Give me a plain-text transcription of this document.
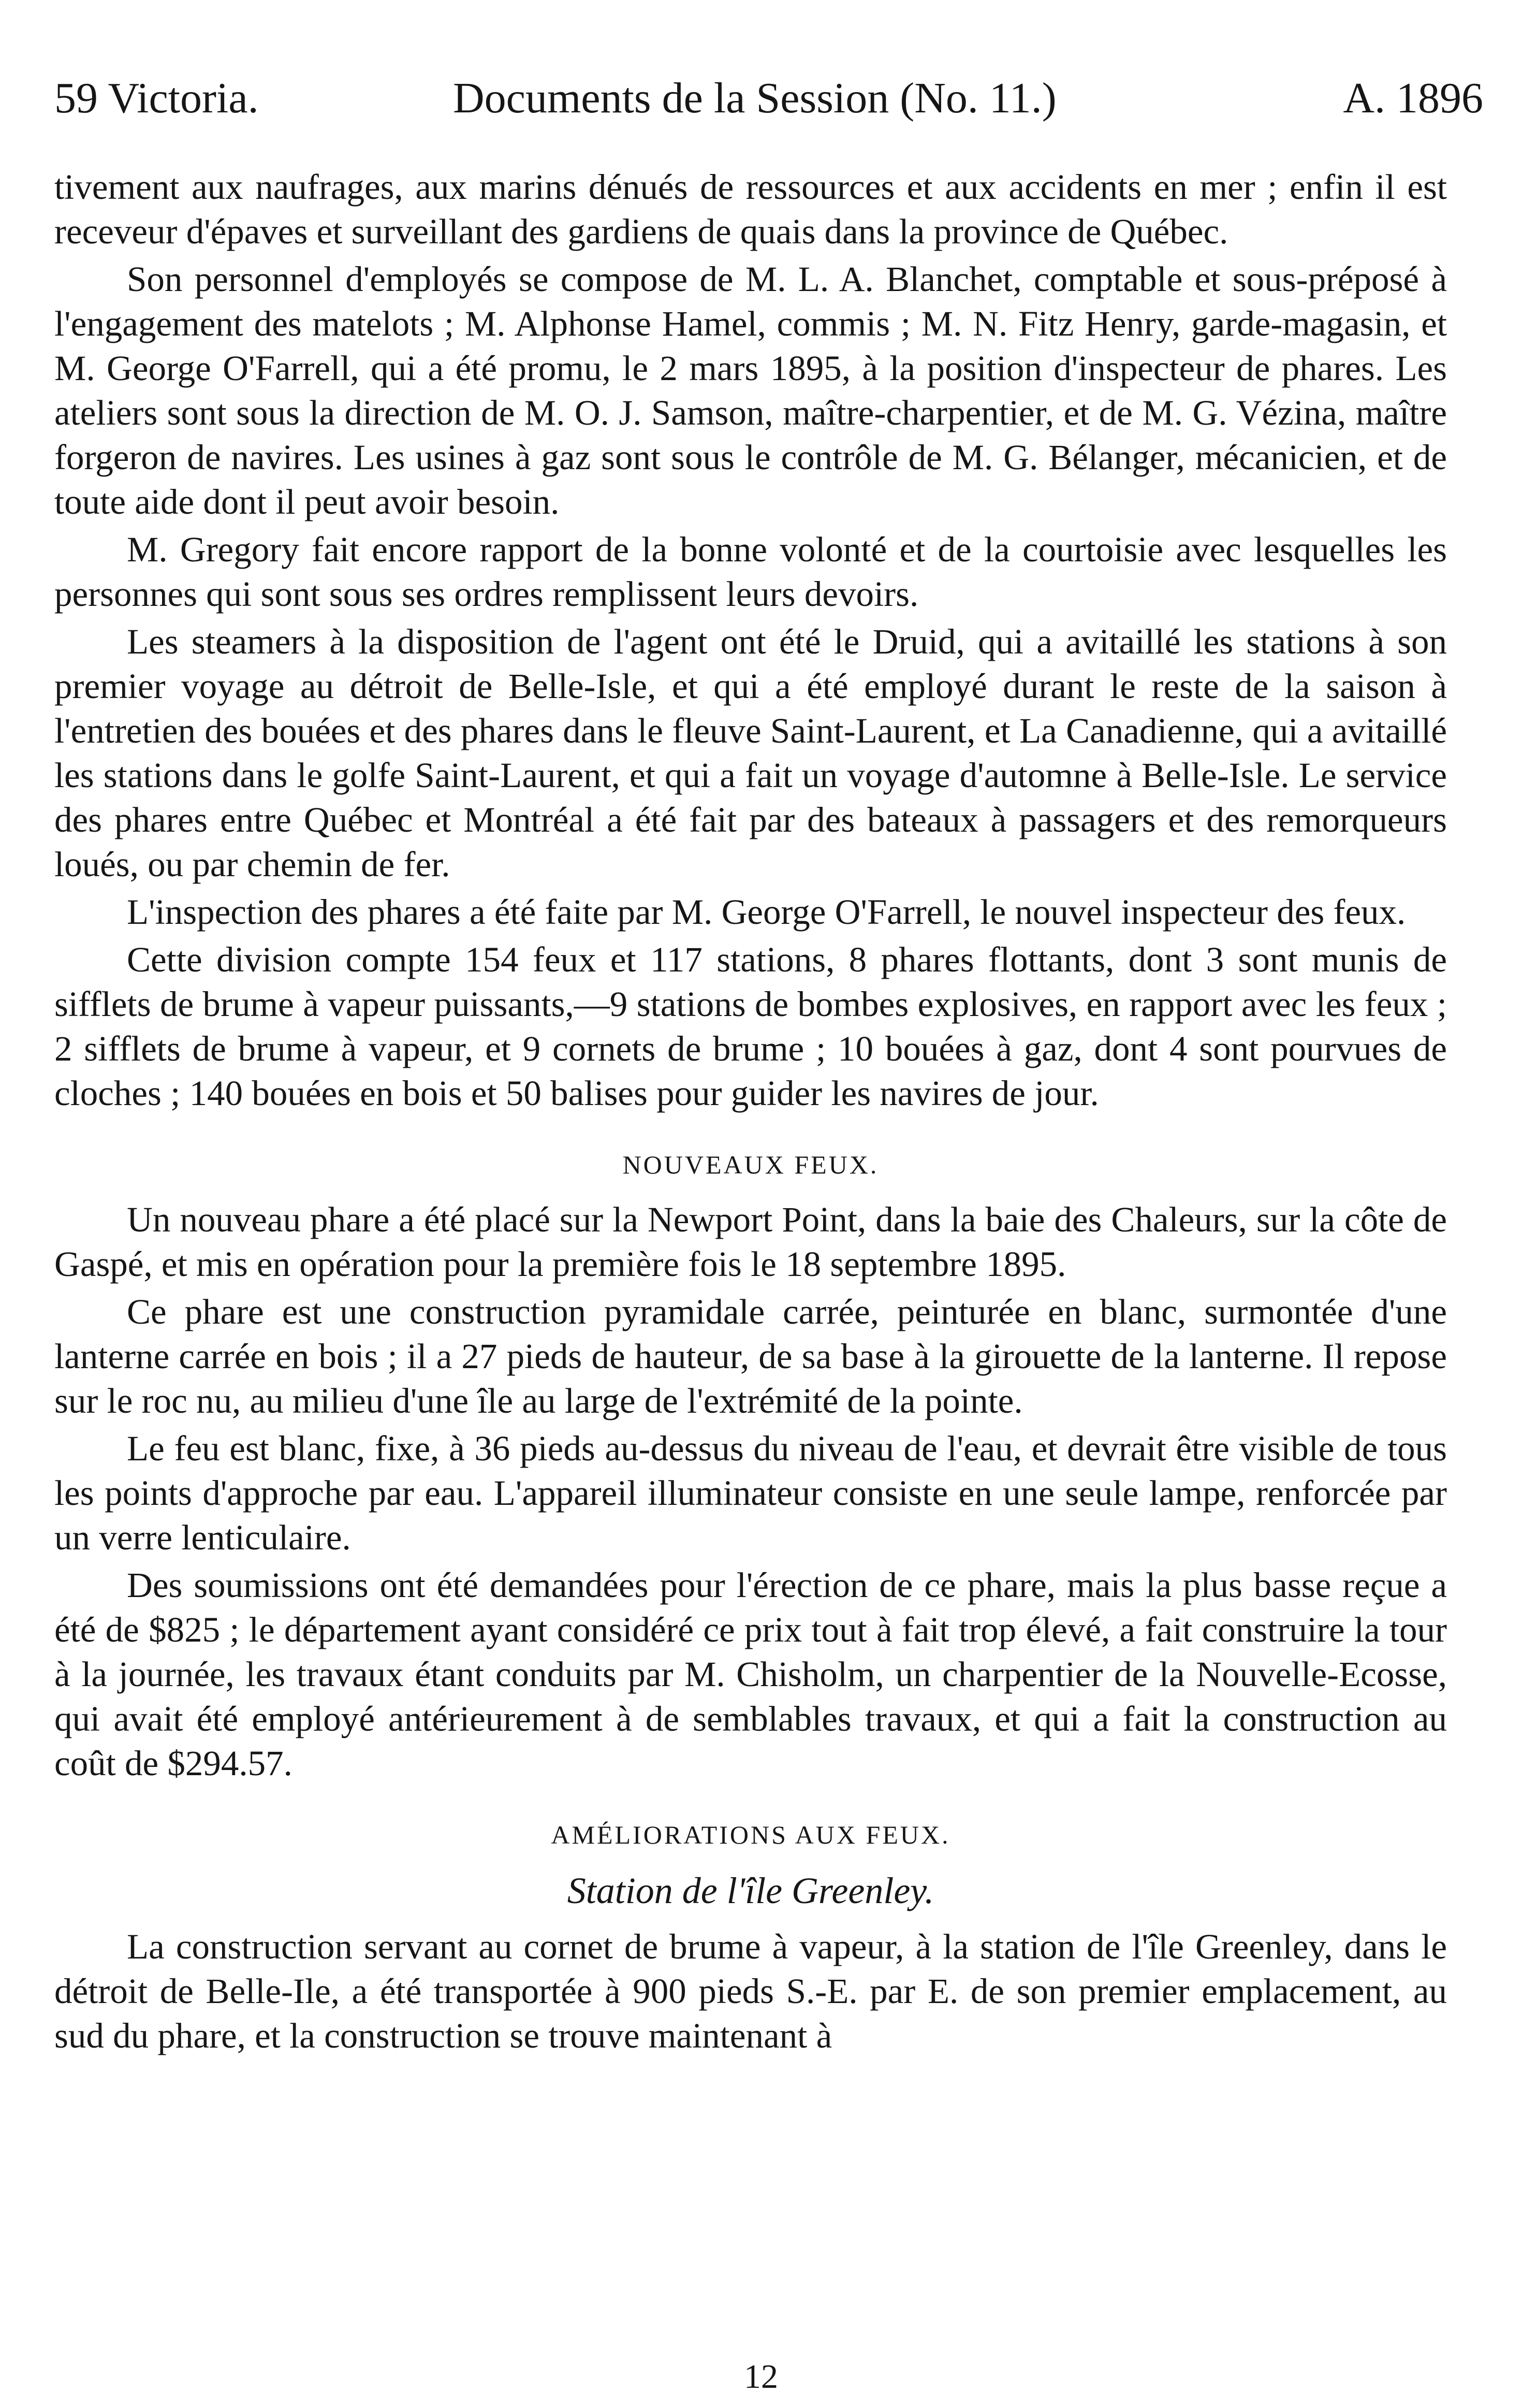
59 Victoria.	Documents de la Session (No. 11.)	A. 1896

tivement aux naufrages, aux marins dénués de ressources et aux accidents en mer ; enfin il est receveur d'épaves et surveillant des gardiens de quais dans la province de Québec.

Son personnel d'employés se compose de M. L. A. Blanchet, comptable et sous-préposé à l'engagement des matelots ; M. Alphonse Hamel, commis ; M. N. Fitz Henry, garde-magasin, et M. George O'Farrell, qui a été promu, le 2 mars 1895, à la position d'inspecteur de phares. Les ateliers sont sous la direction de M. O. J. Samson, maître-charpentier, et de M. G. Vézina, maître forgeron de navires. Les usines à gaz sont sous le contrôle de M. G. Bélanger, mécanicien, et de toute aide dont il peut avoir besoin.

M. Gregory fait encore rapport de la bonne volonté et de la courtoisie avec lesquelles les personnes qui sont sous ses ordres remplissent leurs devoirs.

Les steamers à la disposition de l'agent ont été le Druid, qui a avitaillé les stations à son premier voyage au détroit de Belle-Isle, et qui a été employé durant le reste de la saison à l'entretien des bouées et des phares dans le fleuve Saint-Laurent, et La Canadienne, qui a avitaillé les stations dans le golfe Saint-Laurent, et qui a fait un voyage d'automne à Belle-Isle. Le service des phares entre Québec et Montréal a été fait par des bateaux à passagers et des remorqueurs loués, ou par chemin de fer.

L'inspection des phares a été faite par M. George O'Farrell, le nouvel inspecteur des feux.

Cette division compte 154 feux et 117 stations, 8 phares flottants, dont 3 sont munis de sifflets de brume à vapeur puissants,—9 stations de bombes explosives, en rapport avec les feux ; 2 sifflets de brume à vapeur, et 9 cornets de brume ; 10 bouées à gaz, dont 4 sont pourvues de cloches ; 140 bouées en bois et 50 balises pour guider les navires de jour.

NOUVEAUX FEUX.

Un nouveau phare a été placé sur la Newport Point, dans la baie des Chaleurs, sur la côte de Gaspé, et mis en opération pour la première fois le 18 septembre 1895.

Ce phare est une construction pyramidale carrée, peinturée en blanc, surmontée d'une lanterne carrée en bois ; il a 27 pieds de hauteur, de sa base à la girouette de la lanterne. Il repose sur le roc nu, au milieu d'une île au large de l'extrémité de la pointe.

Le feu est blanc, fixe, à 36 pieds au-dessus du niveau de l'eau, et devrait être visible de tous les points d'approche par eau. L'appareil illuminateur consiste en une seule lampe, renforcée par un verre lenticulaire.

Des soumissions ont été demandées pour l'érection de ce phare, mais la plus basse reçue a été de $825 ; le département ayant considéré ce prix tout à fait trop élevé, a fait construire la tour à la journée, les travaux étant conduits par M. Chisholm, un charpentier de la Nouvelle-Ecosse, qui avait été employé antérieurement à de semblables travaux, et qui a fait la construction au coût de $294.57.

AMÉLIORATIONS AUX FEUX.
Station de l'île Greenley.

La construction servant au cornet de brume à vapeur, à la station de l'île Greenley, dans le détroit de Belle-Ile, a été transportée à 900 pieds S.-E. par E. de son premier emplacement, au sud du phare, et la construction se trouve maintenant à

12
